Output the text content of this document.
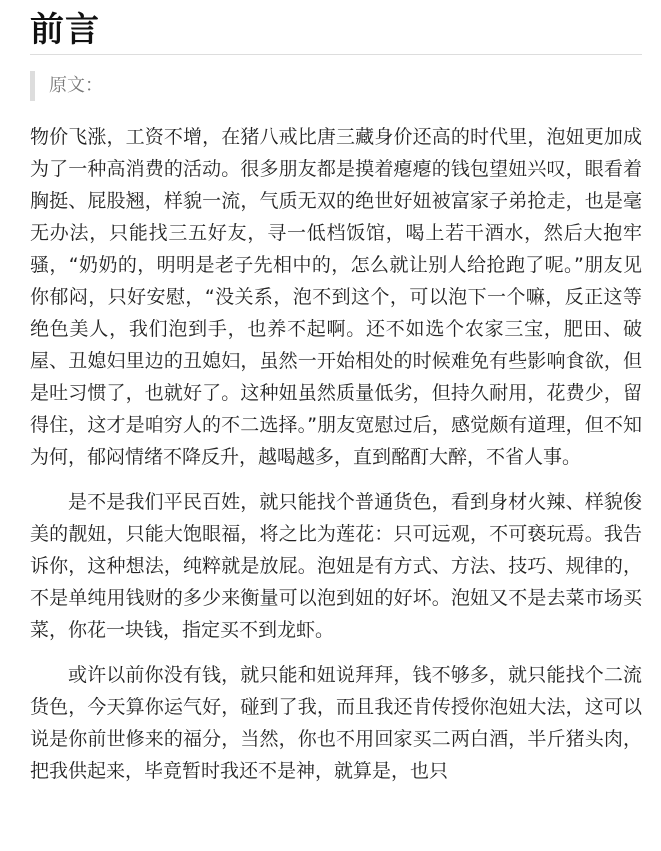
前言
原文：

物价飞涨，工资不增，在猪八戒比唐三藏身价还高的时代里，泡妞更加成为了一种高消费的活动。很多朋友都是摸着瘪瘪的钱包望妞兴叹，眼看着胸挺、屁股翘，样貌一流，气质无双的绝世好妞被富家子弟抢走，也是毫无办法，只能找三五好友，寻一低档饭馆，喝上若干酒水，然后大抱牢骚，“奶奶的，明明是老子先相中的，怎么就让别人给抢跑了呢。”朋友见你郁闷，只好安慰，“没关系，泡不到这个，可以泡下一个嘛，反正这等绝色美人，我们泡到手，也养不起啊。还不如选个农家三宝，肥田、破屋、丑媳妇里边的丑媳妇，虽然一开始相处的时候难免有些影响食欲，但是吐习惯了，也就好了。这种妞虽然质量低劣，但持久耐用，花费少，留得住，这才是咱穷人的不二选择。”朋友宽慰过后，感觉颇有道理，但不知为何，郁闷情绪不降反升，越喝越多，直到酩酊大醉，不省人事。

是不是我们平民百姓，就只能找个普通货色，看到身材火辣、样貌俊美的靓妞，只能大饱眼福，将之比为莲花：只可远观，不可亵玩焉。我告诉你，这种想法，纯粹就是放屁。泡妞是有方式、方法、技巧、规律的，不是单纯用钱财的多少来衡量可以泡到妞的好坏。泡妞又不是去菜市场买菜，你花一块钱，指定买不到龙虾。

或许以前你没有钱，就只能和妞说拜拜，钱不够多，就只能找个二流货色，今天算你运气好，碰到了我，而且我还肯传授你泡妞大法，这可以说是你前世修来的福分，当然，你也不用回家买二两白酒，半斤猪头肉，把我供起来，毕竟暂时我还不是神，就算是，也只
